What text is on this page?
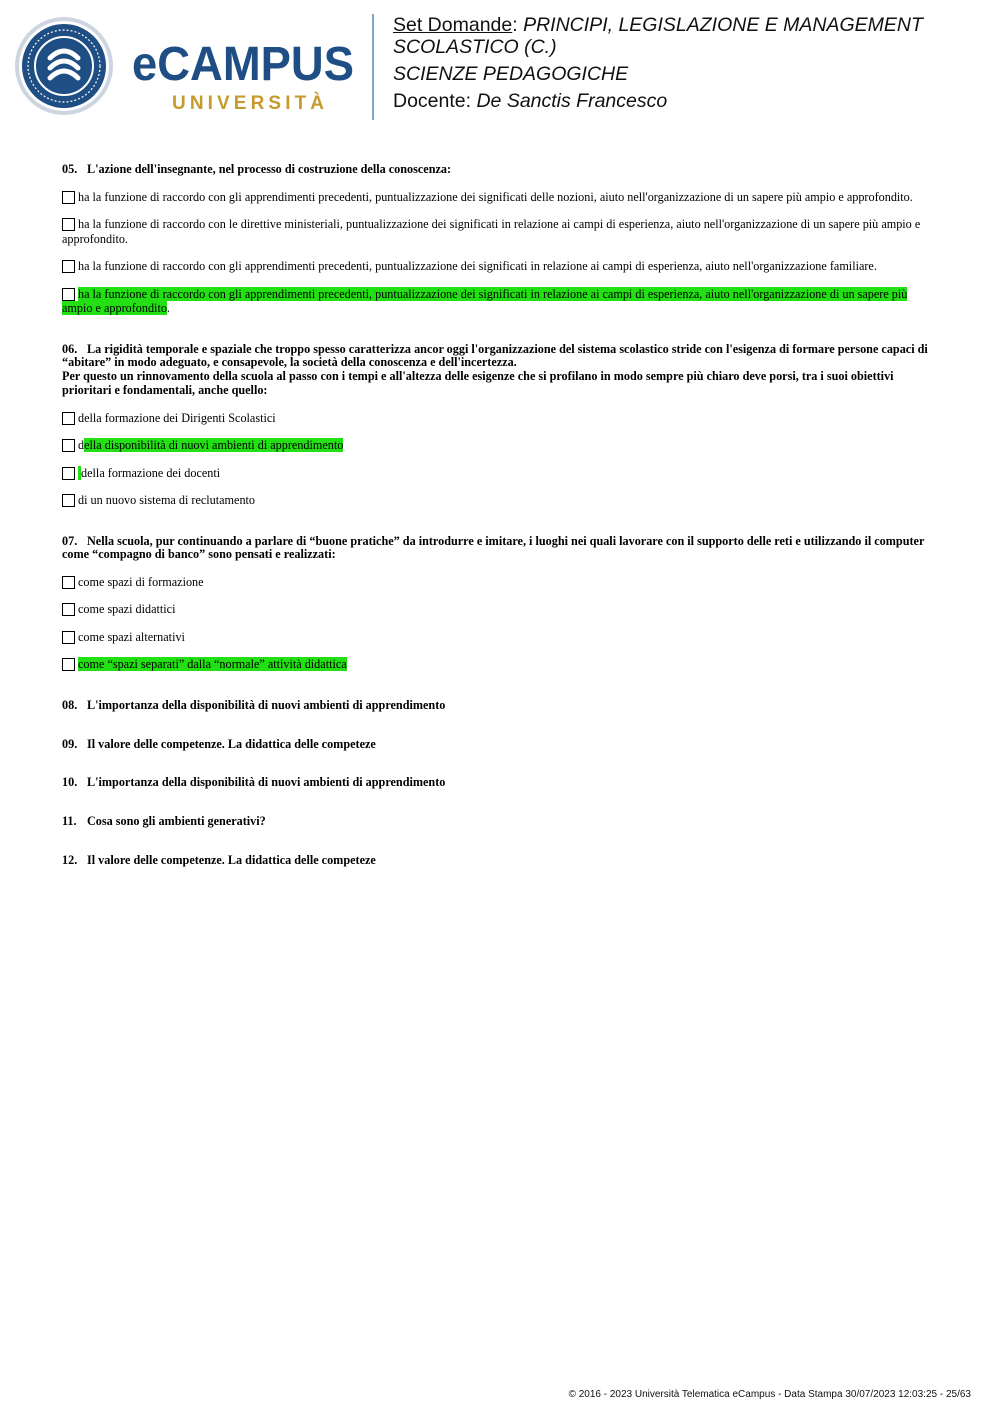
eCAMPUS
UNIVERSITÀ
Set Domande: PRINCIPI, LEGISLAZIONE E MANAGEMENT SCOLASTICO (C.)
SCIENZE PEDAGOGICHE
Docente: De Sanctis Francesco

05. L'azione dell'insegnante, nel processo di costruzione della conoscenza:

ha la funzione di raccordo con gli apprendimenti precedenti, puntualizzazione dei significati delle nozioni, aiuto nell'organizzazione di un sapere più ampio e approfondito.
ha la funzione di raccordo con le direttive ministeriali, puntualizzazione dei significati in relazione ai campi di esperienza, aiuto nell'organizzazione di un sapere più ampio e approfondito.
ha la funzione di raccordo con gli apprendimenti precedenti, puntualizzazione dei significati in relazione ai campi di esperienza, aiuto nell'organizzazione familiare.
ha la funzione di raccordo con gli apprendimenti precedenti, puntualizzazione dei significati in relazione ai campi di esperienza, aiuto nell'organizzazione di un sapere più ampio e approfondito.

06. La rigidità temporale e spaziale che troppo spesso caratterizza ancor oggi l'organizzazione del sistema scolastico stride con l'esigenza di formare persone capaci di “abitare” in modo adeguato, e consapevole, la società della conoscenza e dell'incertezza.

Per questo un rinnovamento della scuola al passo con i tempi e all'altezza delle esigenze che si profilano in modo sempre più chiaro deve porsi, tra i suoi obiettivi prioritari e fondamentali, anche quello:

della formazione dei Dirigenti Scolastici
della disponibilità di nuovi ambienti di apprendimento
della formazione dei docenti
di un nuovo sistema di reclutamento

07. Nella scuola, pur continuando a parlare di “buone pratiche” da introdurre e imitare, i luoghi nei quali lavorare con il supporto delle reti e utilizzando il computer come “compagno di banco” sono pensati e realizzati:

come spazi di formazione
come spazi didattici
come spazi alternativi
come “spazi separati” dalla “normale” attività didattica

08. L'importanza della disponibilità di nuovi ambienti di apprendimento

09. Il valore delle competenze. La didattica delle competeze

10. L'importanza della disponibilità di nuovi ambienti di apprendimento

11. Cosa sono gli ambienti generativi?

12. Il valore delle competenze. La didattica delle competeze

© 2016 - 2023 Università Telematica eCampus - Data Stampa 30/07/2023 12:03:25 - 25/63
